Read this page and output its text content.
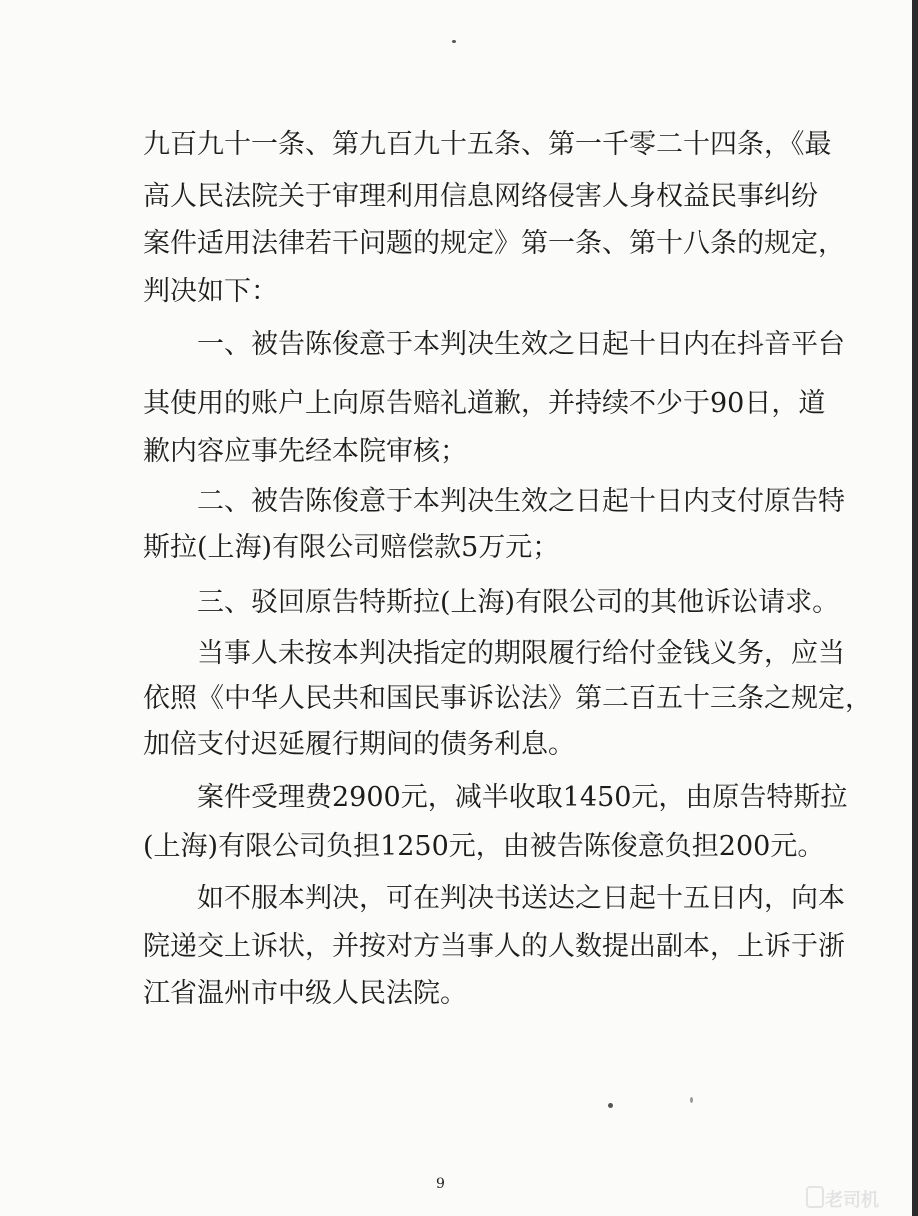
九百九十一条、第九百九十五条、第一千零二十四条，《最
高人民法院关于审理利用信息网络侵害人身权益民事纠纷
案件适用法律若干问题的规定》第一条、第十八条的规定，
判决如下：
一、被告陈俊意于本判决生效之日起十日内在抖音平台
其使用的账户上向原告赔礼道歉，并持续不少于90日，道
歉内容应事先经本院审核；
二、被告陈俊意于本判决生效之日起十日内支付原告特
斯拉(上海)有限公司赔偿款5万元；
三、驳回原告特斯拉(上海)有限公司的其他诉讼请求。
当事人未按本判决指定的期限履行给付金钱义务，应当
依照《中华人民共和国民事诉讼法》第二百五十三条之规定，
加倍支付迟延履行期间的债务利息。
案件受理费2900元，减半收取1450元，由原告特斯拉
(上海)有限公司负担1250元，由被告陈俊意负担200元。
如不服本判决，可在判决书送达之日起十五日内，向本
院递交上诉状，并按对方当事人的人数提出副本，上诉于浙
江省温州市中级人民法院。
9
老司机
